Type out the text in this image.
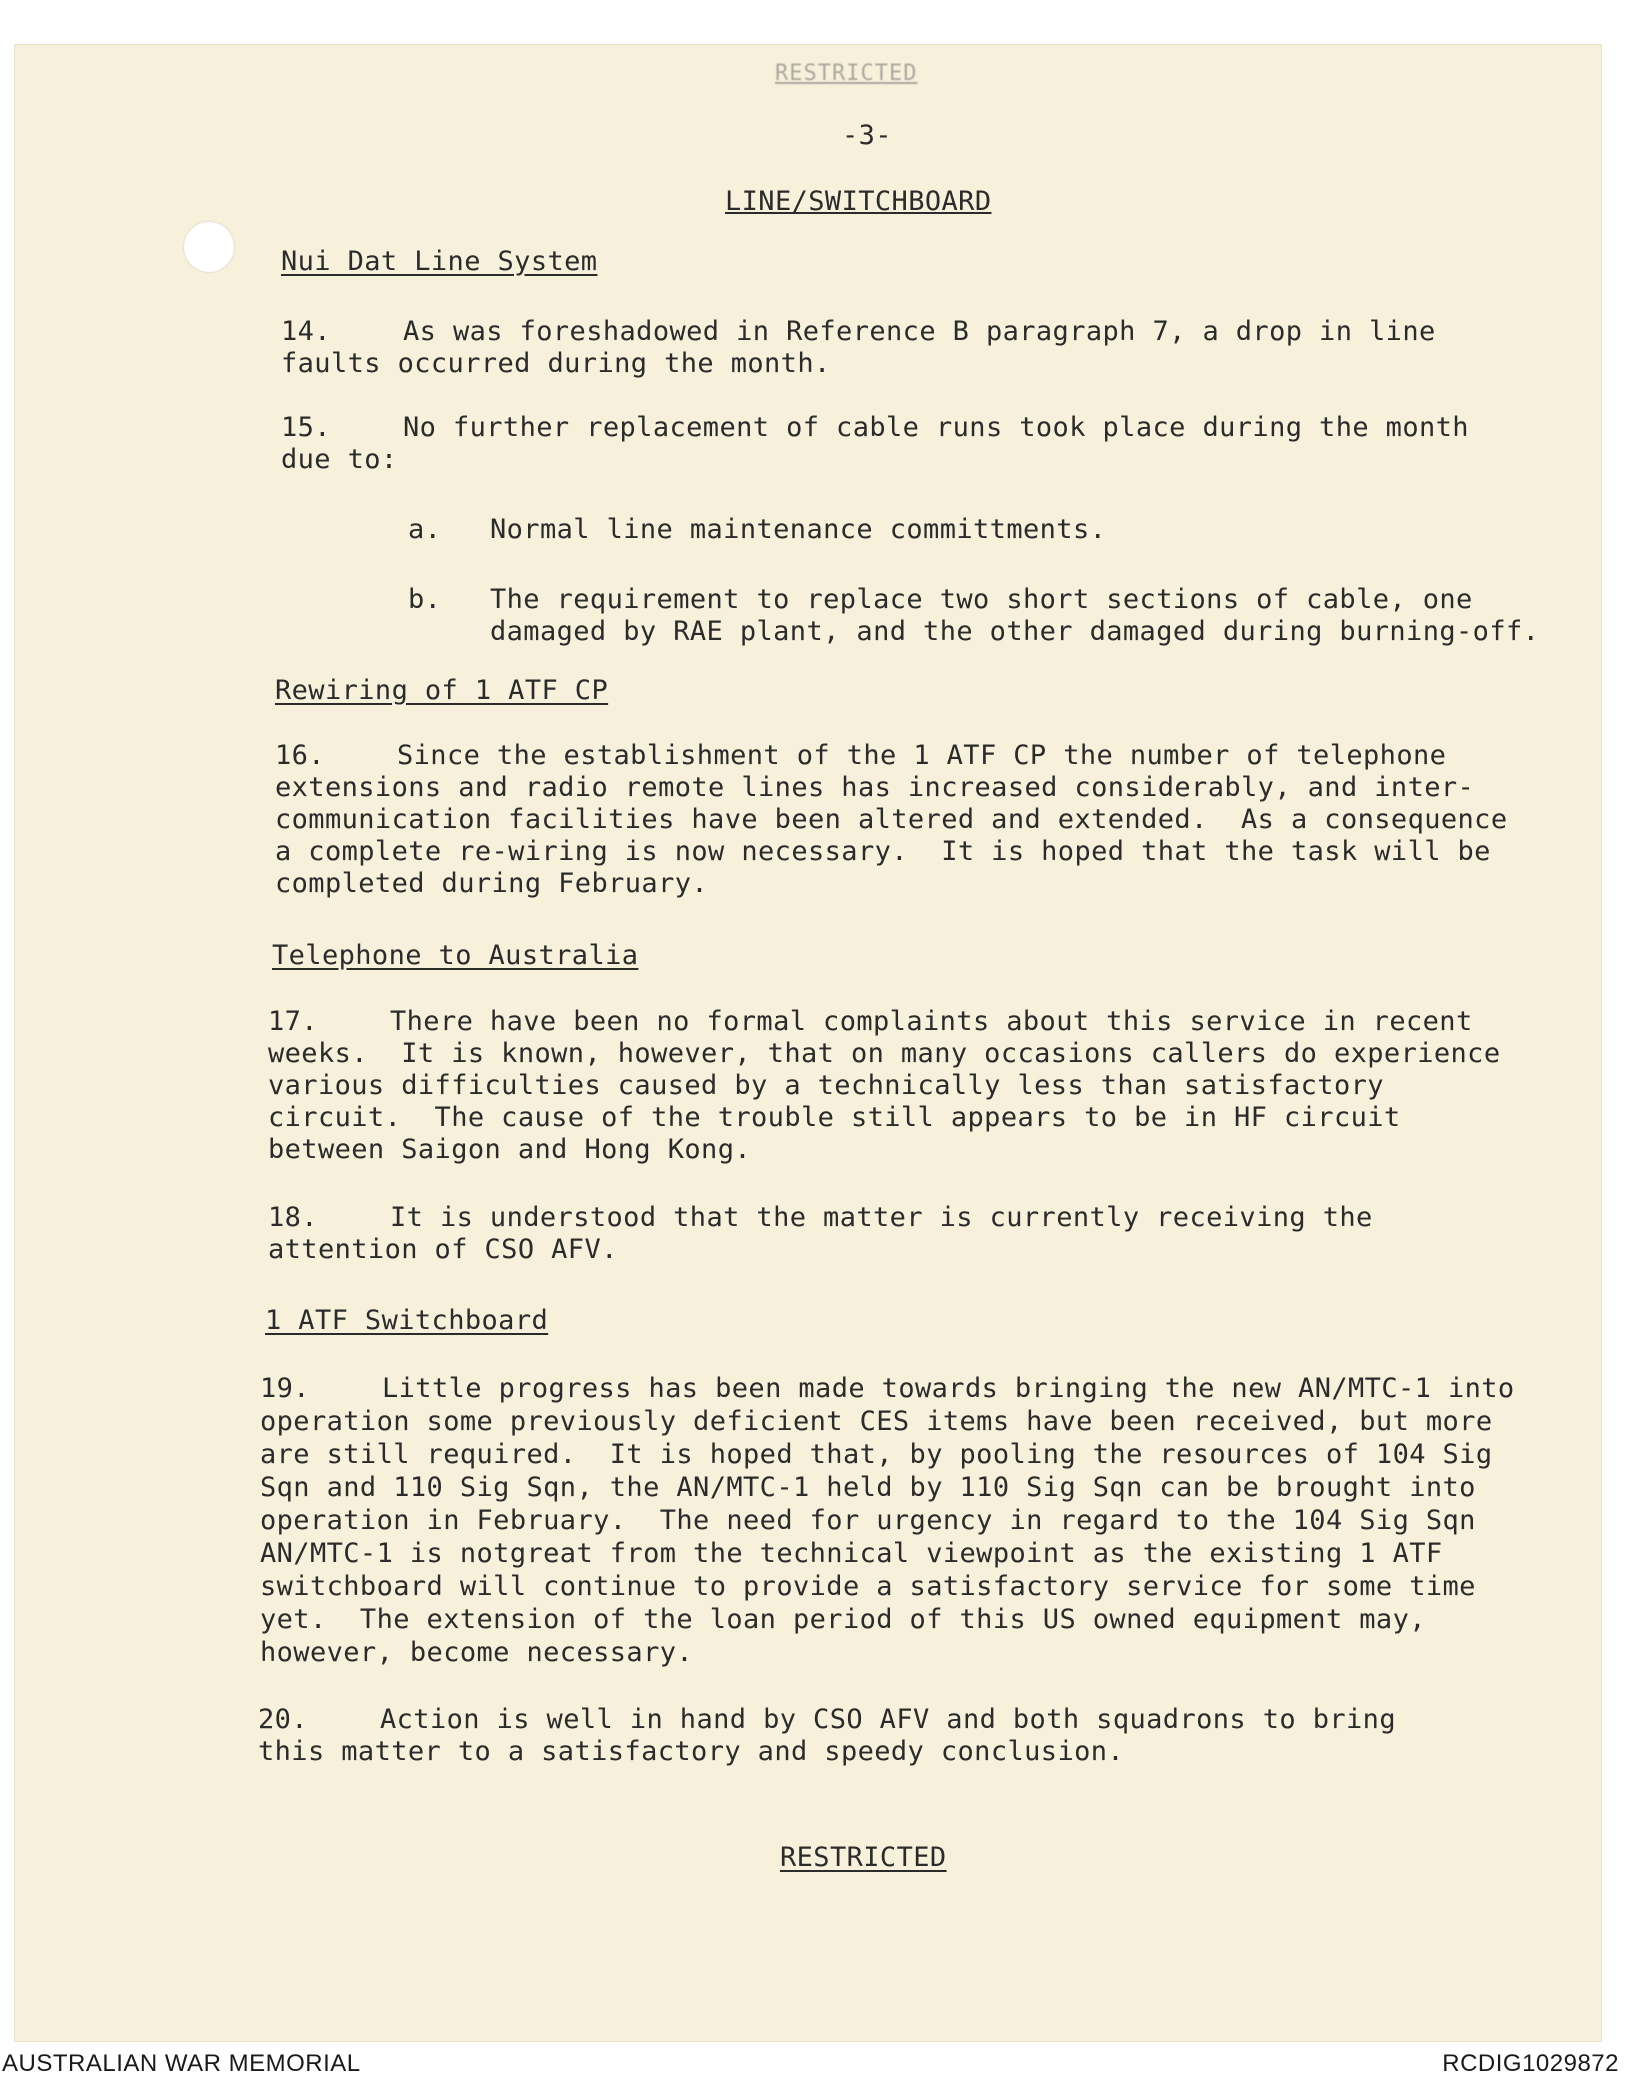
RESTRICTED
-3-
LINE/SWITCHBOARD
Nui Dat Line System
14.	As was foreshadowed in Reference B paragraph 7, a drop in line faults occurred during the month.
15.	No further replacement of cable runs took place during the month due to:

a.

Normal line maintenance committments.

b.

The requirement to replace two short sections of cable, one damaged by RAE plant, and the other damaged during burning-off.

Rewiring of 1 ATF CP
16.	Since the establishment of the 1 ATF CP the number of telephone extensions and radio remote lines has increased considerably, and inter-communication facilities have been altered and extended.  As a consequence a complete re-wiring is now necessary.  It is hoped that the task will be completed during February.
Telephone to Australia
17.	There have been no formal complaints about this service in recent weeks.  It is known, however, that on many occasions callers do experience various difficulties caused by a technically less than satisfactory circuit.  The cause of the trouble still appears to be in HF circuit between Saigon and Hong Kong.
18.	It is understood that the matter is currently receiving the attention of CSO AFV.
1 ATF Switchboard
19.	Little progress has been made towards bringing the new AN/MTC-1 into operation some previously deficient CES items have been received, but more are still required.  It is hoped that, by pooling the resources of 104 Sig Sqn and 110 Sig Sqn, the AN/MTC-1 held by 110 Sig Sqn can be brought into operation in February.  The need for urgency in regard to the 104 Sig Sqn AN/MTC-1 is notgreat from the technical viewpoint as the existing 1 ATF switchboard will continue to provide a satisfactory service for some time yet.  The extension of the loan period of this US owned equipment may, however, become necessary.
20.	Action is well in hand by CSO AFV and both squadrons to bring this matter to a satisfactory and speedy conclusion.
RESTRICTED
AUSTRALIAN WAR MEMORIAL	RCDIG1029872
